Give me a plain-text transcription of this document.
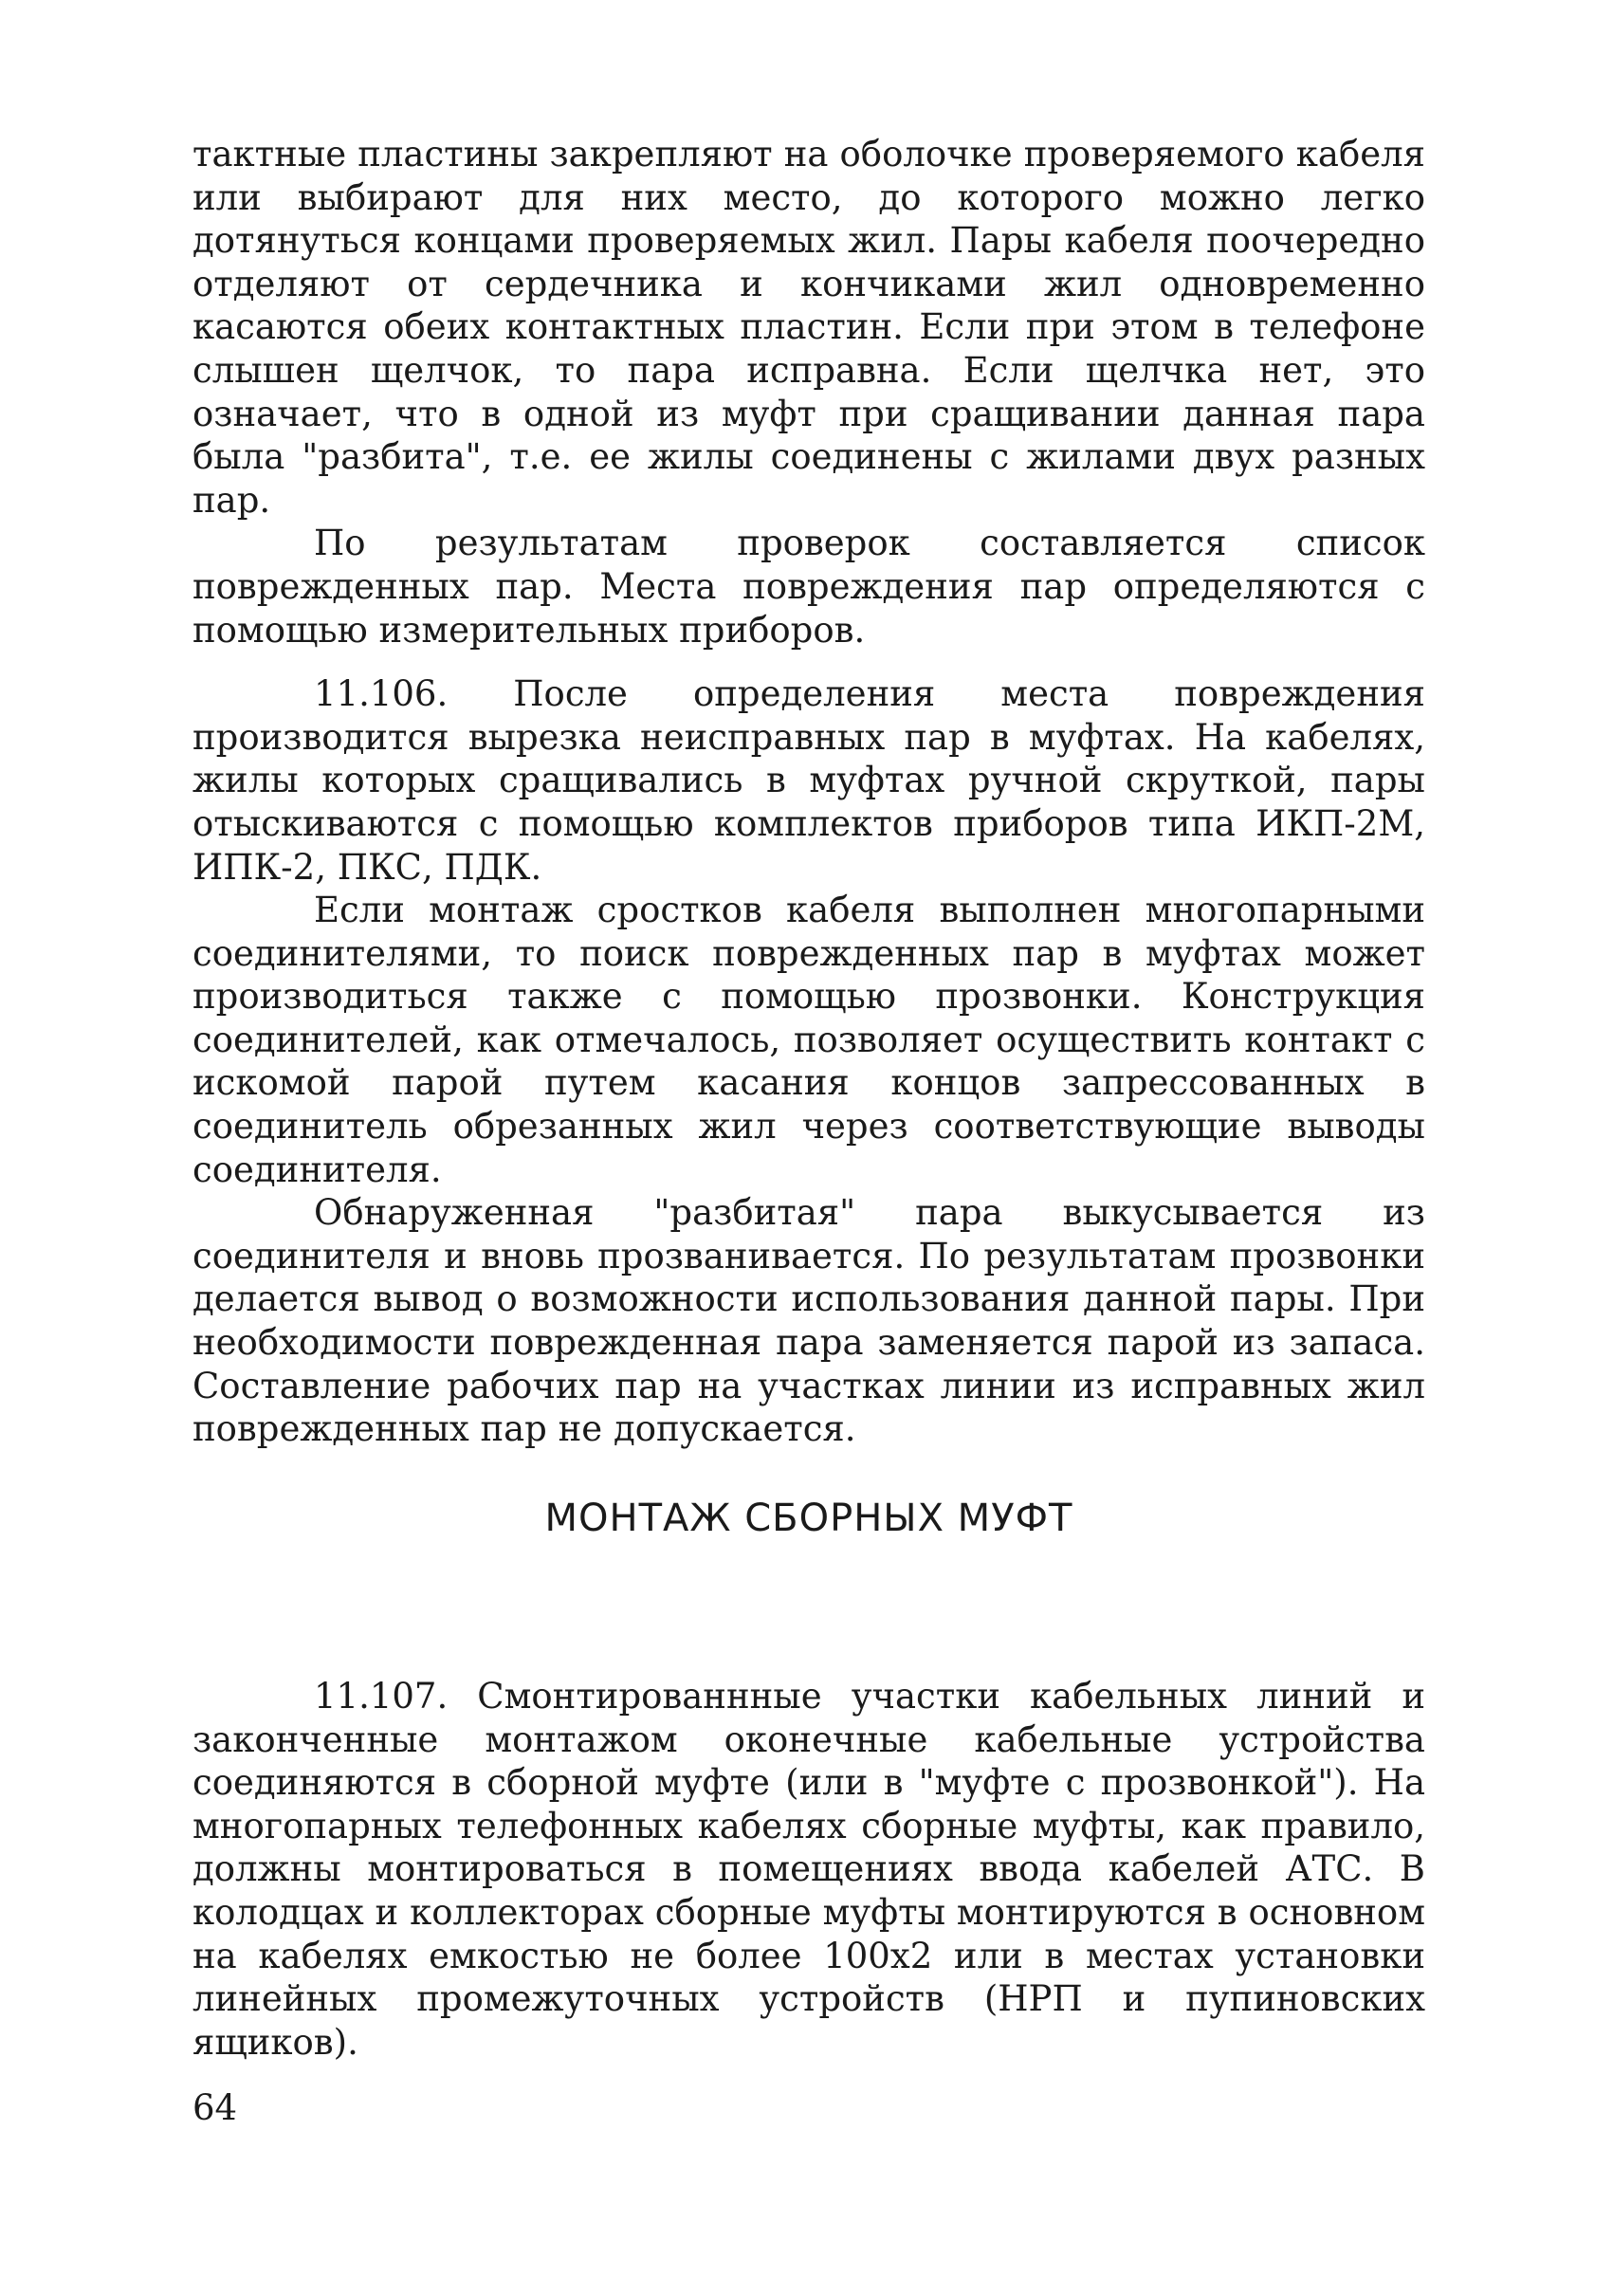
тактные пластины закрепляют на оболочке проверяемого кабеля или выбирают для них место, до которого можно легко дотянуться концами проверяемых жил. Пары кабеля поочередно отделяют от сердечника и кончиками жил одновременно касаются обеих контактных пластин. Если при этом в телефоне слышен щелчок, то пара исправна. Если щелчка нет, это означает, что в одной из муфт при сращивании данная пара была "разбита", т.е. ее жилы соединены с жилами двух разных пар.

По результатам проверок составляется список поврежденных пар. Места повреждения пар определяются с помощью измерительных приборов.

11.106. После определения места повреждения производится вырезка неисправных пар в муфтах. На кабелях, жилы которых сращивались в муфтах ручной скруткой, пары отыскиваются с помощью комплектов приборов типа ИКП-2М, ИПК-2, ПКС, ПДК.

Если монтаж сростков кабеля выполнен многопарными соединителями, то поиск поврежденных пар в муфтах может производиться также с помощью прозвонки. Конструкция соединителей, как отмечалось, позволяет осуществить контакт с искомой парой путем касания концов запрессованных в соединитель обрезанных жил через соответствующие выводы соединителя.

Обнаруженная "разбитая" пара выкусывается из соединителя и вновь прозванивается. По результатам прозвонки делается вывод о возможности использования данной пары. При необходимости поврежденная пара заменяется парой из запаса. Составление рабочих пар на участках линии из исправных жил поврежденных пар не допускается.

МОНТАЖ СБОРНЫХ МУФТ

11.107. Смонтированнные участки кабельных линий и законченные монтажом оконечные кабельные устройства соединяются в сборной муфте (или в "муфте с прозвонкой"). На многопарных телефонных кабелях сборные муфты, как правило, должны монтироваться в помещениях ввода кабелей АТС. В колодцах и коллекторах сборные муфты монтируются в основном на кабелях емкостью не более 100х2 или в местах установки линейных промежуточных устройств (НРП и пупиновских ящиков).

64
